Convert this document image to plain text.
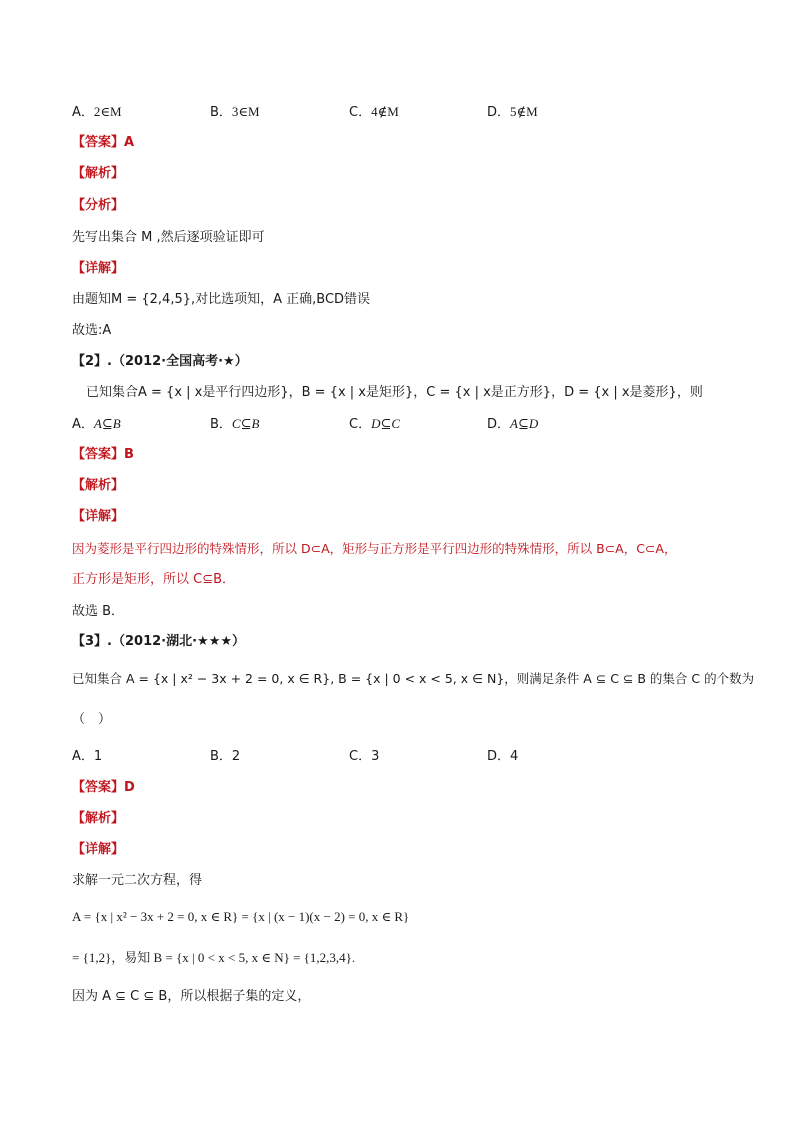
A．2∈M	B．3∈M	C．4∉M	D．5∉M
【答案】A
【解析】
【分析】
先写出集合 M ,然后逐项验证即可
【详解】
由题知M = {2,4,5},对比选项知，A 正确,BCD错误
故选:A
【2】.（2012·全国高考·★）
已知集合A = {x | x是平行四边形}，B = {x | x是矩形}，C = {x | x是正方形}，D = {x | x是菱形}，则
A．A⊆B	B．C⊆B	C．D⊆C	D．A⊆D
【答案】B
【解析】
【详解】
因为菱形是平行四边形的特殊情形，所以 D⊂A，矩形与正方形是平行四边形的特殊情形，所以 B⊂A，C⊂A，
正方形是矩形，所以 C⊆B．
故选 B．
【3】.（2012·湖北·★★★）
已知集合 A = {x | x² − 3x + 2 = 0, x ∈ R}, B = {x | 0 < x < 5, x ∈ N}，则满足条件 A ⊆ C ⊆ B 的集合 C 的个数为
（　）
A．1	B．2	C．3	D．4
【答案】D
【解析】
【详解】
求解一元二次方程，得
A = {x | x² − 3x + 2 = 0, x ∈ R} = {x | (x − 1)(x − 2) = 0, x ∈ R}
= {1,2}，易知 B = {x | 0 < x < 5, x ∈ N} = {1,2,3,4}.
因为 A ⊆ C ⊆ B，所以根据子集的定义，
